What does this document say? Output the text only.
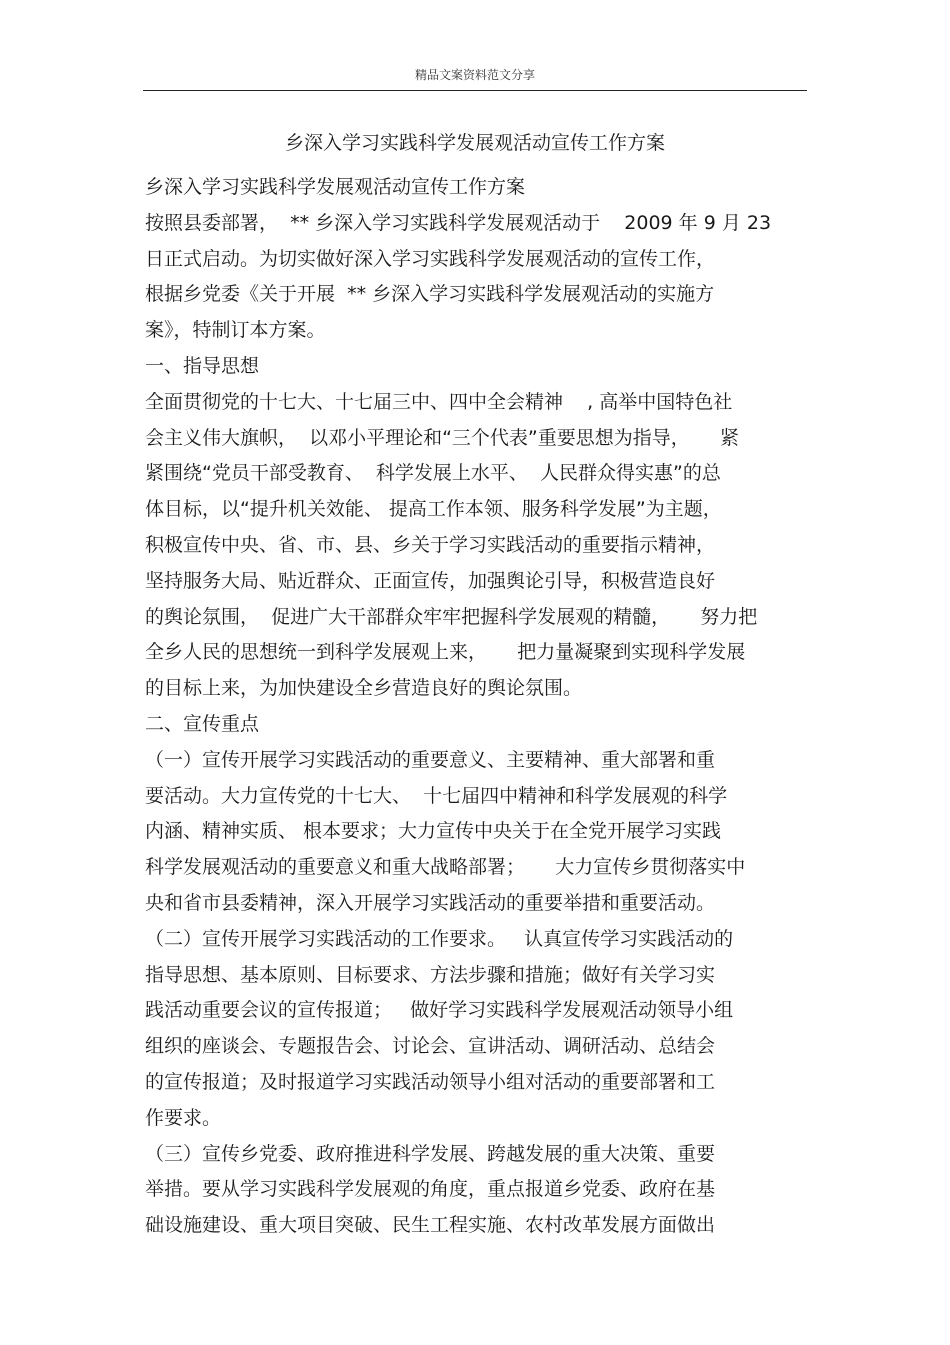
精品文案资料范文分享
乡深入学习实践科学发展观活动宣传工作方案
乡深入学习实践科学发展观活动宣传工作方案
按照县委部署，  ** 乡深入学习实践科学发展观活动于    2009 年 9 月 23
日正式启动。为切实做好深入学习实践科学发展观活动的宣传工作，
根据乡党委《关于开展  ** 乡深入学习实践科学发展观活动的实施方
案》，特制订本方案。
一、指导思想
全面贯彻党的十七大、十七届三中、四中全会精神    , 高举中国特色社
会主义伟大旗帜，  以邓小平理论和“三个代表”重要思想为指导，     紧
紧围绕“党员干部受教育、  科学发展上水平、  人民群众得实惠”的总
体目标，以“提升机关效能、 提高工作本领、服务科学发展”为主题，
积极宣传中央、省、市、县、乡关于学习实践活动的重要指示精神，
坚持服务大局、贴近群众、正面宣传，加强舆论引导，积极营造良好
的舆论氛围，  促进广大干部群众牢牢把握科学发展观的精髓，     努力把
全乡人民的思想统一到科学发展观上来，     把力量凝聚到实现科学发展
的目标上来，为加快建设全乡营造良好的舆论氛围。
二、宣传重点
（一）宣传开展学习实践活动的重要意义、主要精神、重大部署和重
要活动。大力宣传党的十七大、  十七届四中精神和科学发展观的科学
内涵、精神实质、 根本要求；大力宣传中央关于在全党开展学习实践
科学发展观活动的重要意义和重大战略部署；     大力宣传乡贯彻落实中
央和省市县委精神，深入开展学习实践活动的重要举措和重要活动。
（二）宣传开展学习实践活动的工作要求。   认真宣传学习实践活动的
指导思想、基本原则、目标要求、方法步骤和措施；做好有关学习实
践活动重要会议的宣传报道；   做好学习实践科学发展观活动领导小组
组织的座谈会、专题报告会、讨论会、宣讲活动、调研活动、总结会
的宣传报道；及时报道学习实践活动领导小组对活动的重要部署和工
作要求。
（三）宣传乡党委、政府推进科学发展、跨越发展的重大决策、重要
举措。要从学习实践科学发展观的角度，重点报道乡党委、政府在基
础设施建设、重大项目突破、民生工程实施、农村改革发展方面做出
